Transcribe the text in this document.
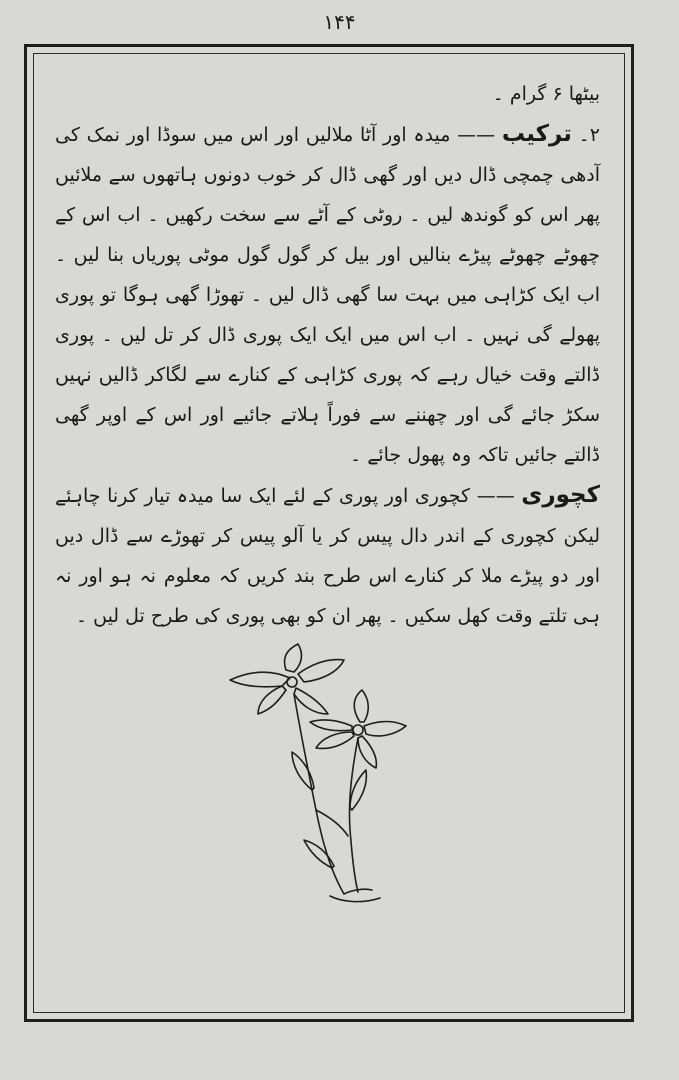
۱۴۴

بیٹھا ۶ گرام ۔

۲۔ ترکیب —— میدہ اور آٹا ملالیں اور اس میں سوڈا اور نمک کی آدھی چمچی ڈال دیں اور گھی ڈال کر خوب دونوں ہاتھوں سے ملائیں پھر اس کو گوندھ لیں ۔ روٹی کے آٹے سے سخت رکھیں ۔ اب اس کے چھوٹے چھوٹے پیڑے بنالیں اور بیل کر گول گول موٹی پوریاں بنا لیں ۔ اب ایک کڑاہی میں بہت سا گھی ڈال لیں ۔ تھوڑا گھی ہوگا تو پوری پھولے گی نہیں ۔ اب اس میں ایک ایک پوری ڈال کر تل لیں ۔ پوری ڈالتے وقت خیال رہے کہ پوری کڑاہی کے کنارے سے لگاکر ڈالیں نہیں سکڑ جائے گی اور چھننے سے فوراً ہلاتے جائیے اور اس کے اوپر گھی ڈالتے جائیں تاکہ وہ پھول جائے ۔

کچوری —— کچوری اور پوری کے لئے ایک سا میدہ تیار کرنا چاہئے لیکن کچوری کے اندر دال پیس کر یا آلو پیس کر تھوڑے سے ڈال دیں اور دو پیڑے ملا کر کنارے اس طرح بند کریں کہ معلوم نہ ہو اور نہ ہی تلتے وقت کھل سکیں ۔ پھر ان کو بھی پوری کی طرح تل لیں ۔
